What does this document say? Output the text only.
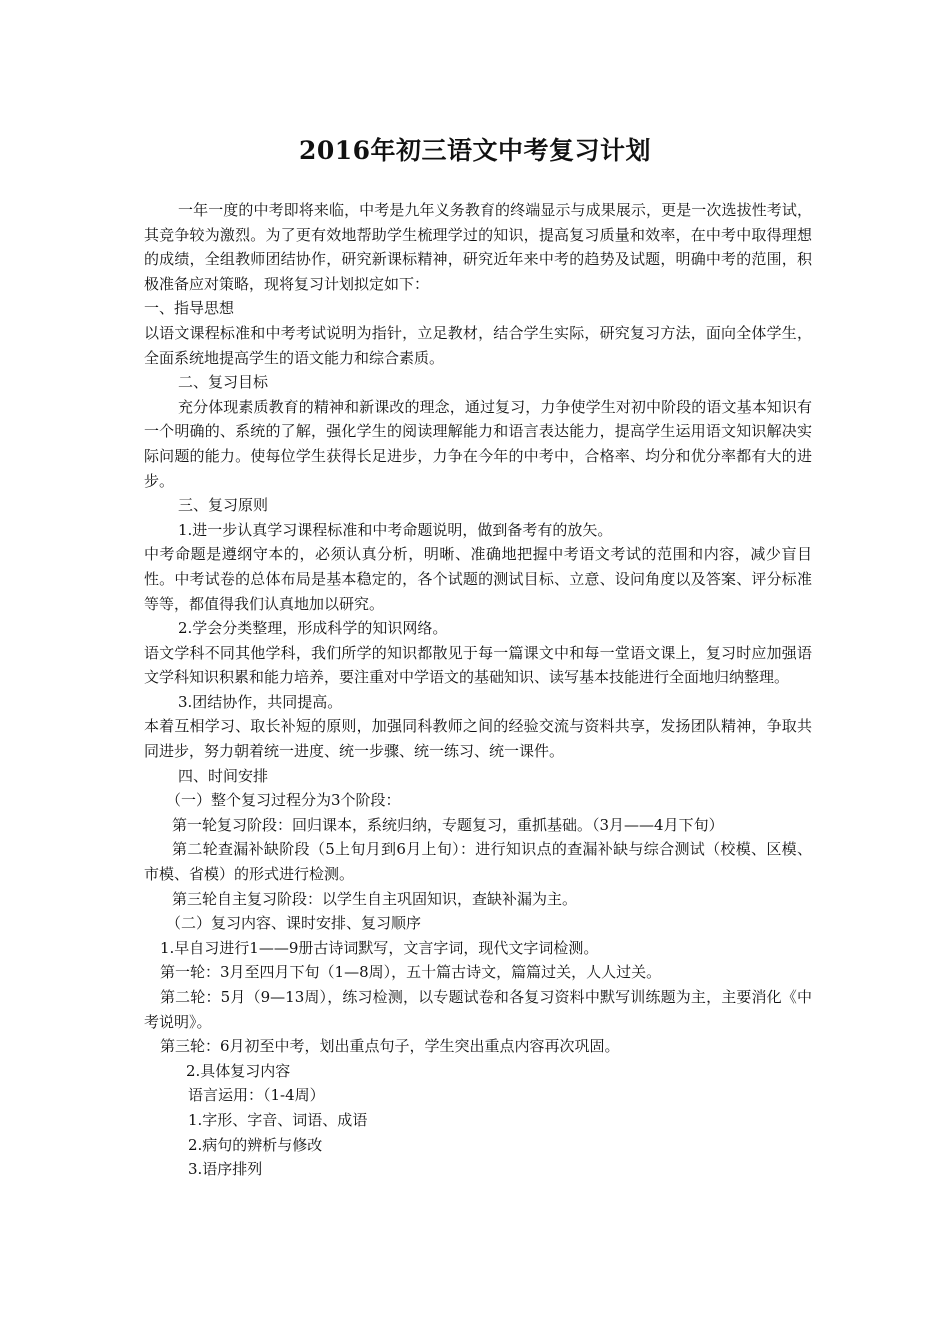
2016年初三语文中考复习计划

一年一度的中考即将来临，中考是九年义务教育的终端显示与成果展示，更是一次选拔性考试，其竞争较为激烈。为了更有效地帮助学生梳理学过的知识，提高复习质量和效率，在中考中取得理想的成绩，全组教师团结协作，研究新课标精神，研究近年来中考的趋势及试题，明确中考的范围，积极准备应对策略，现将复习计划拟定如下：

一、指导思想

以语文课程标准和中考考试说明为指针，立足教材，结合学生实际，研究复习方法，面向全体学生，全面系统地提高学生的语文能力和综合素质。

二、复习目标

充分体现素质教育的精神和新课改的理念，通过复习，力争使学生对初中阶段的语文基本知识有一个明确的、系统的了解，强化学生的阅读理解能力和语言表达能力，提高学生运用语文知识解决实际问题的能力。使每位学生获得长足进步，力争在今年的中考中，合格率、均分和优分率都有大的进步。

三、复习原则

1.进一步认真学习课程标准和中考命题说明，做到备考有的放矢。

中考命题是遵纲守本的，必须认真分析，明晰、准确地把握中考语文考试的范围和内容，减少盲目性。中考试卷的总体布局是基本稳定的，各个试题的测试目标、立意、设问角度以及答案、评分标准等等，都值得我们认真地加以研究。

2.学会分类整理，形成科学的知识网络。

语文学科不同其他学科，我们所学的知识都散见于每一篇课文中和每一堂语文课上，复习时应加强语文学科知识积累和能力培养，要注重对中学语文的基础知识、读写基本技能进行全面地归纳整理。

3.团结协作，共同提高。

本着互相学习、取长补短的原则，加强同科教师之间的经验交流与资料共享，发扬团队精神，争取共同进步，努力朝着统一进度、统一步骤、统一练习、统一课件。

四、时间安排

（一）整个复习过程分为3个阶段：

第一轮复习阶段：回归课本，系统归纳，专题复习，重抓基础。（3月——4月下旬）

第二轮查漏补缺阶段（5上旬月到6月上旬）：进行知识点的查漏补缺与综合测试（校模、区模、市模、省模）的形式进行检测。

第三轮自主复习阶段：以学生自主巩固知识，查缺补漏为主。

（二）复习内容、课时安排、复习顺序

1.早自习进行1——9册古诗词默写，文言字词，现代文字词检测。

第一轮：3月至四月下旬（1—8周），五十篇古诗文，篇篇过关，人人过关。

第二轮：5月（9—13周），练习检测，以专题试卷和各复习资料中默写训练题为主，主要消化《中考说明》。

第三轮：6月初至中考，划出重点句子，学生突出重点内容再次巩固。

2.具体复习内容

语言运用：（1-4周）

1.字形、字音、词语、成语

2.病句的辨析与修改

3.语序排列
